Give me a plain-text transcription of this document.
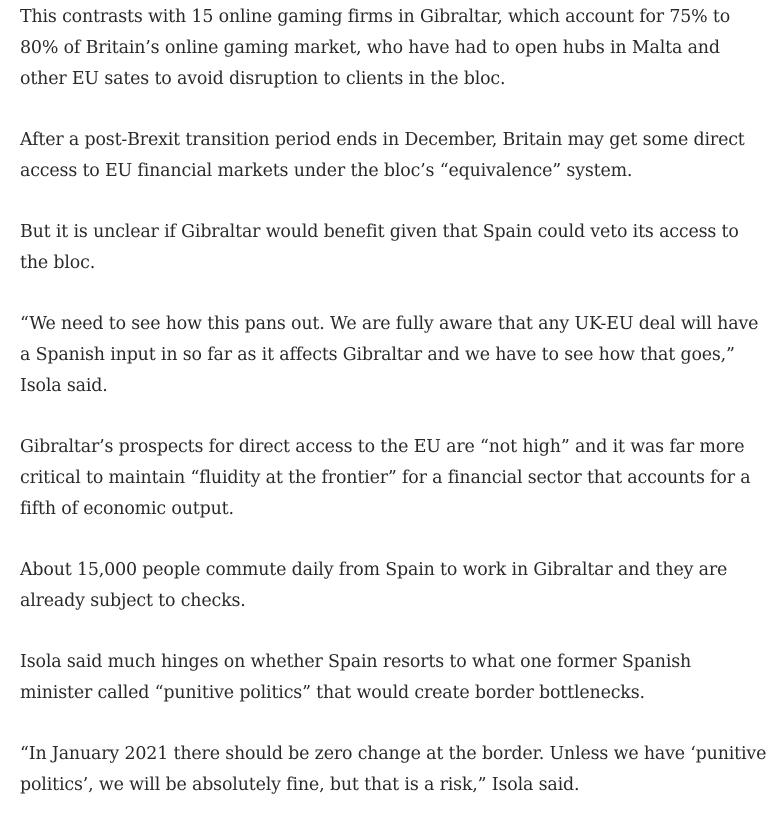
This contrasts with 15 online gaming firms in Gibraltar, which account for 75% to 80% of Britain’s online gaming market, who have had to open hubs in Malta and other EU sates to avoid disruption to clients in the bloc.

After a post-Brexit transition period ends in December, Britain may get some direct access to EU financial markets under the bloc’s “equivalence” system.

But it is unclear if Gibraltar would benefit given that Spain could veto its access to the bloc.

“We need to see how this pans out. We are fully aware that any UK-EU deal will have a Spanish input in so far as it affects Gibraltar and we have to see how that goes,” Isola said.

Gibraltar’s prospects for direct access to the EU are “not high” and it was far more critical to maintain “fluidity at the frontier” for a financial sector that accounts for a fifth of economic output.

About 15,000 people commute daily from Spain to work in Gibraltar and they are already subject to checks.

Isola said much hinges on whether Spain resorts to what one former Spanish minister called “punitive politics” that would create border bottlenecks.

“In January 2021 there should be zero change at the border. Unless we have ‘punitive politics’, we will be absolutely fine, but that is a risk,” Isola said.
